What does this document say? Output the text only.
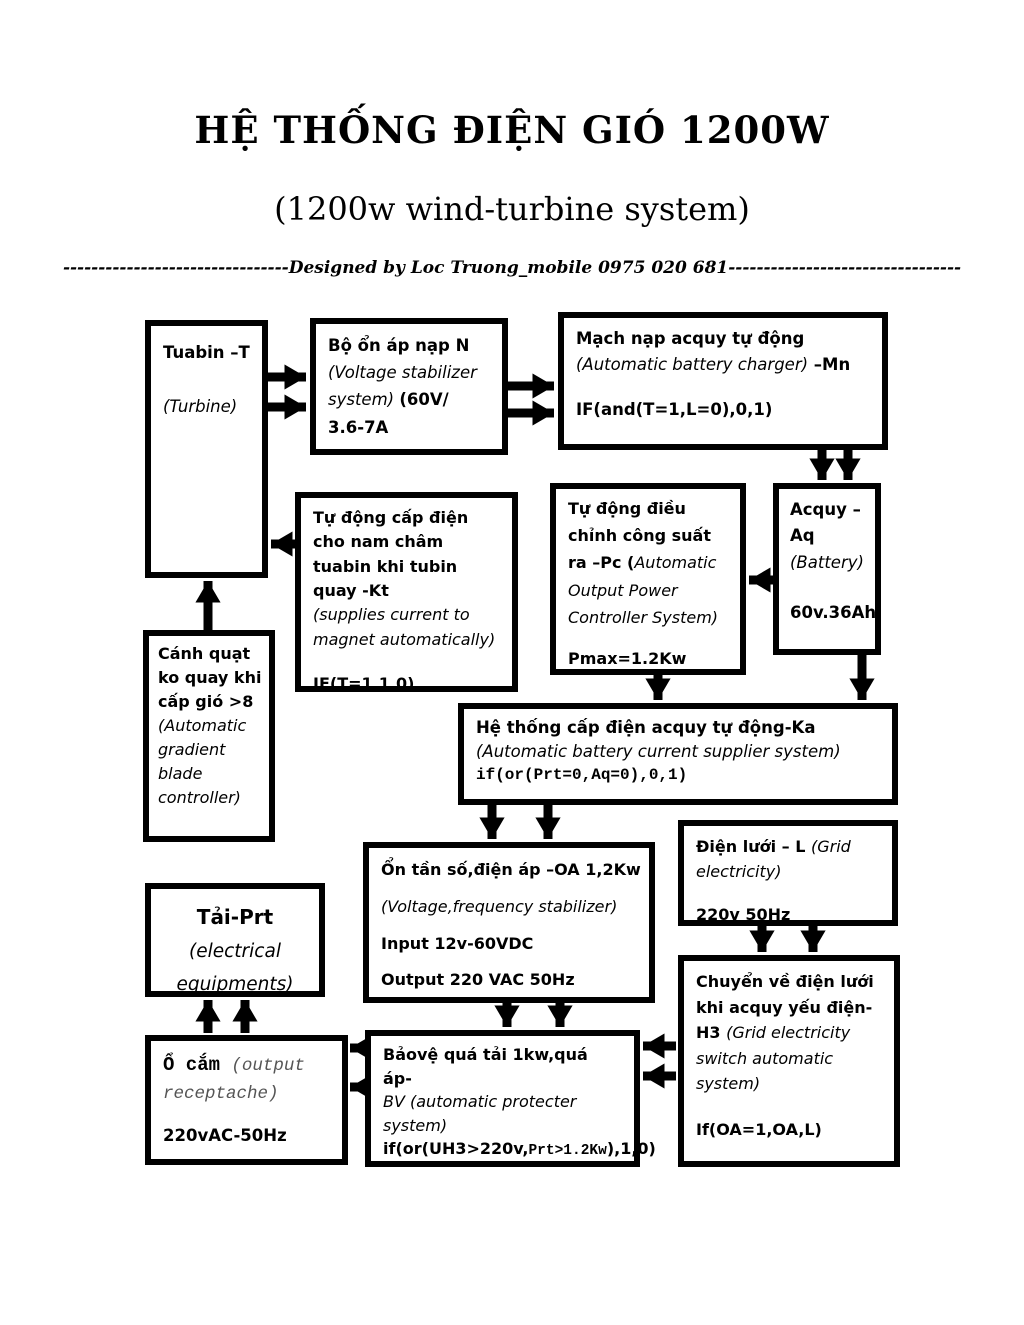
HỆ THỐNG ĐIỆN GIÓ 1200W
(1200w wind-turbine system)
--------------------------------Designed by Loc Truong_mobile 0975 020 681---------------------------------

Tuabin –T

(Turbine)

Bộ ổn áp nạp N (Voltage stabilizer system) (60V/ 3.6-7A

Mạch nạp acquy tự động

(Automatic battery charger) –Mn

IF(and(T=1,L=0),0,1)

Tự động cấp điện cho nam châm tuabin khi tubin quay -Kt
(supplies current to magnet automatically)

IF(T=1,1,0)

Tự động điều chỉnh công suất ra –Pc (Automatic Output Power Controller System)

Pmax=1.2Kw

Acquy – Aq

(Battery)

60v.36Ah

Cánh quạt ko quay khi cấp gió >8
(Automatic gradient blade controller)

Hệ thống cấp điện acquy tự động-Ka

(Automatic battery current supplier system)

if(or(Prt=0,Aq=0),0,1)

Ổn tần số,điện áp –OA 1,2Kw

(Voltage,frequency stabilizer)

Input 12v-60VDC

Output 220 VAC 50Hz

Điện lưới – L (Grid electricity)

220v 50Hz

Chuyển về điện lưới khi acquy yếu điện-H3 (Grid electricity switch automatic system)

If(OA=1,OA,L)

Tải-Prt

(electrical equipments)

Ổ cắm (output receptache)

220vAC-50Hz

Bảovệ quá tải 1kw,quá áp-
BV (automatic protecter system)

if(or(UH3>220v,Prt>1.2Kw),1,0)
